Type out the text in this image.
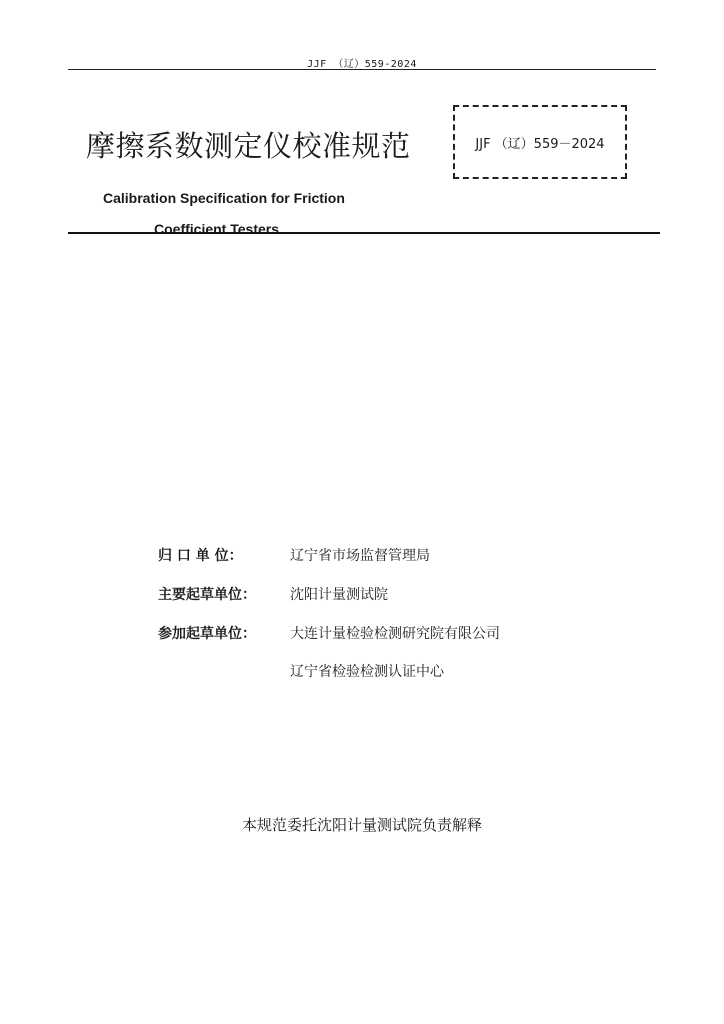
JJF （辽）559-2024
摩擦系数测定仪校准规范	JJF （辽）559－2024
Calibration Specification for Friction
Coefficient Testers
归 口 单 位：	辽宁省市场监督管理局
主要起草单位： 沈阳计量测试院
参加起草单位： 大连计量检验检测研究院有限公司
辽宁省检验检测认证中心
本规范委托沈阳计量测试院负责解释
